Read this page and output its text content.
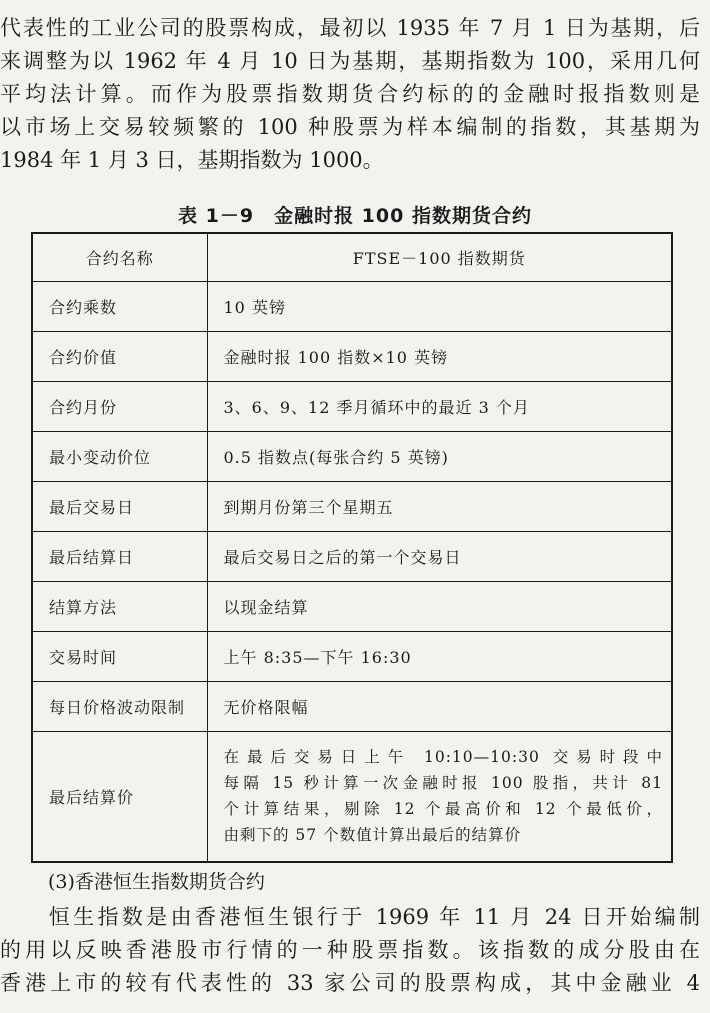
代表性的工业公司的股票构成，最初以 1935 年 7 月 1 日为基期，后
来调整为以 1962 年 4 月 10 日为基期，基期指数为 100，采用几何
平均法计算。而作为股票指数期货合约标的的金融时报指数则是
以市场上交易较频繁的 100 种股票为样本编制的指数，其基期为
1984 年 1 月 3 日，基期指数为 1000。

表 1－9　金融时报 100 指数期货合约
合约名称	FTSE－100 指数期货
合约乘数	10 英镑
合约价值	金融时报 100 指数×10 英镑
合约月份	3、6、9、12 季月循环中的最近 3 个月
最小变动价位	0.5 指数点(每张合约 5 英镑)
最后交易日	到期月份第三个星期五
最后结算日	最后交易日之后的第一个交易日
结算方法	以现金结算
交易时间	上午 8:35—下午 16:30
每日价格波动限制	无价格限幅
最后结算价	在最后交易日上午 10:10—10:30 交易时段中
每隔 15 秒计算一次金融时报 100 股指，共计 81
个计算结果，剔除 12 个最高价和 12 个最低价，
由剩下的 57 个数值计算出最后的结算价
(3)香港恒生指数期货合约

　　恒生指数是由香港恒生银行于 1969 年 11 月 24 日开始编制
的用以反映香港股市行情的一种股票指数。该指数的成分股由在
香港上市的较有代表性的 33 家公司的股票构成，其中金融业 4
